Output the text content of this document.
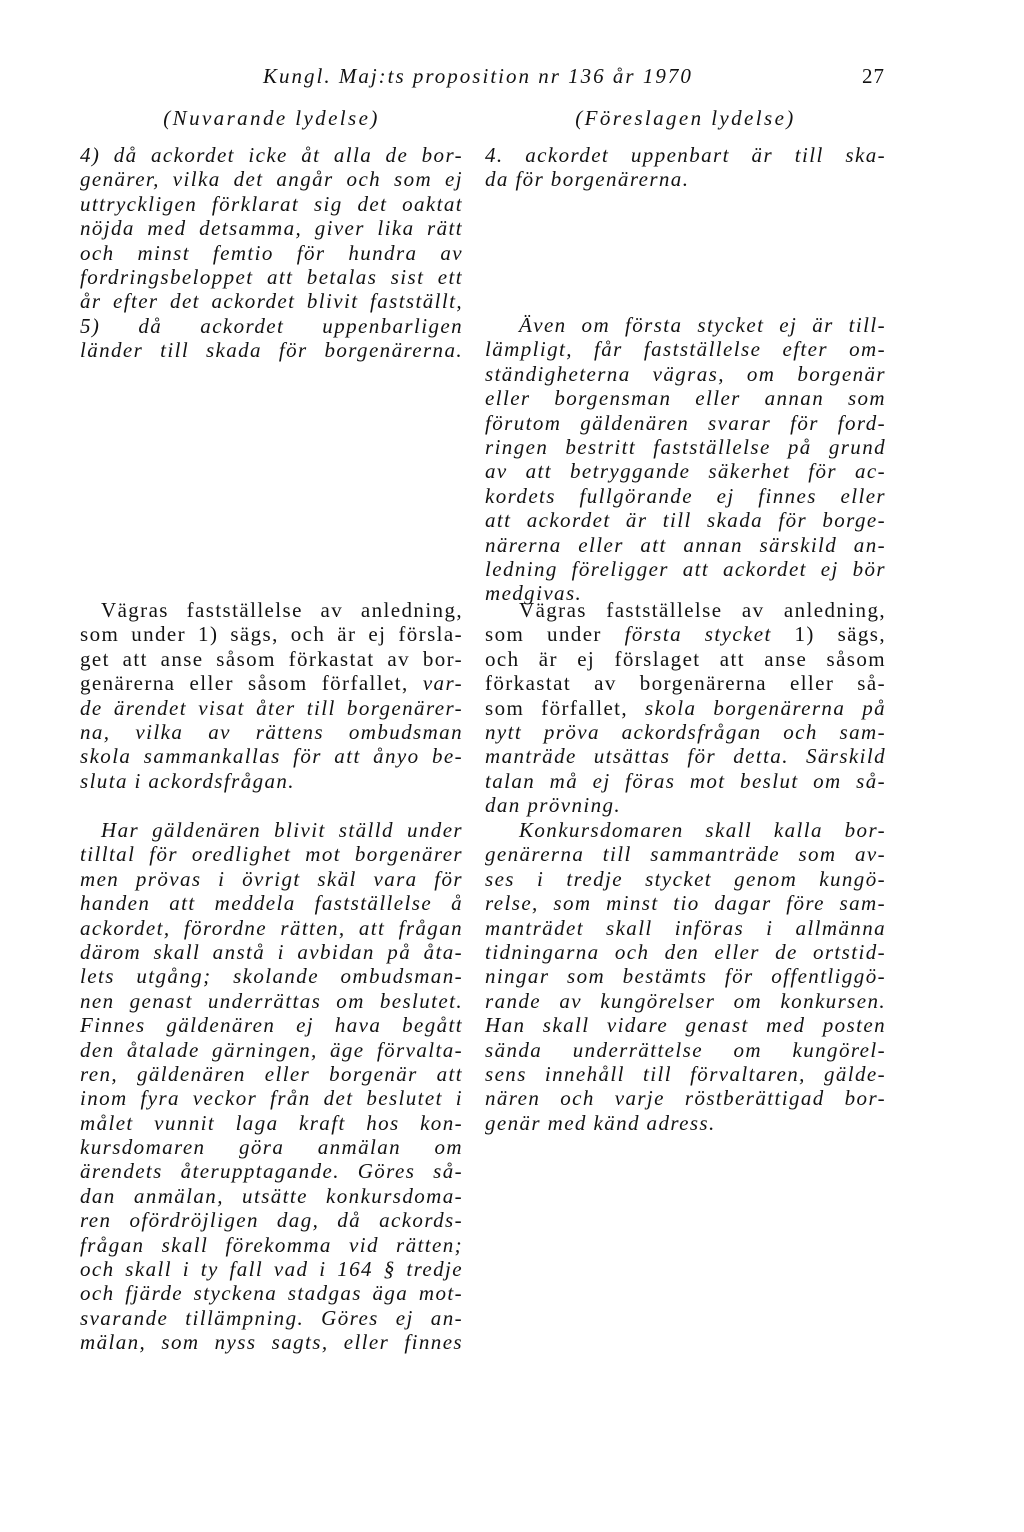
Kungl. Maj:ts proposition nr 136 år 1970	27
(Nuvarande lydelse)	(Föreslagen lydelse)
4) då ackordet icke åt alla de bor-
genärer, vilka det angår och som ej
uttryckligen förklarat sig det oaktat
nöjda med detsamma, giver lika rätt
och minst femtio för hundra av
fordringsbeloppet att betalas sist ett
år efter det ackordet blivit fastställt,
5) då ackordet uppenbarligen
länder till skada för borgenärerna.
Vägras fastställelse av anledning,
som under 1) sägs, och är ej försla-
get att anse såsom förkastat av bor-
genärerna eller såsom förfallet, var-
de ärendet visat åter till borgenärer-
na, vilka av rättens ombudsman
skola sammankallas för att ånyo be-
sluta i ackordsfrågan.
Har gäldenären blivit ställd under
tilltal för oredlighet mot borgenärer
men prövas i övrigt skäl vara för
handen att meddela fastställelse å
ackordet, förordne rätten, att frågan
därom skall anstå i avbidan på åta-
lets utgång; skolande ombudsman-
nen genast underrättas om beslutet.
Finnes gäldenären ej hava begått
den åtalade gärningen, äge förvalta-
ren, gäldenären eller borgenär att
inom fyra veckor från det beslutet i
målet vunnit laga kraft hos kon-
kursdomaren göra anmälan om
ärendets återupptagande. Göres så-
dan anmälan, utsätte konkursdoma-
ren ofördröjligen dag, då ackords-
frågan skall förekomma vid rätten;
och skall i ty fall vad i 164 § tredje
och fjärde styckena stadgas äga mot-
svarande tillämpning. Göres ej an-
mälan, som nyss sagts, eller finnes
4. ackordet uppenbart är till ska-
da för borgenärerna.
Även om första stycket ej är till-
lämpligt, får fastställelse efter om-
ständigheterna vägras, om borgenär
eller borgensman eller annan som
förutom gäldenären svarar för ford-
ringen bestritt fastställelse på grund
av att betryggande säkerhet för ac-
kordets fullgörande ej finnes eller
att ackordet är till skada för borge-
närerna eller att annan särskild an-
ledning föreligger att ackordet ej bör
medgivas.
Vägras fastställelse av anledning,
som under första stycket 1) sägs,
och är ej förslaget att anse såsom
förkastat av borgenärerna eller så-
som förfallet, skola borgenärerna på
nytt pröva ackordsfrågan och sam-
manträde utsättas för detta. Särskild
talan må ej föras mot beslut om så-
dan prövning.
Konkursdomaren skall kalla bor-
genärerna till sammanträde som av-
ses i tredje stycket genom kungö-
relse, som minst tio dagar före sam-
manträdet skall införas i allmänna
tidningarna och den eller de ortstid-
ningar som bestämts för offentliggö-
rande av kungörelser om konkursen.
Han skall vidare genast med posten
sända underrättelse om kungörel-
sens innehåll till förvaltaren, gälde-
nären och varje röstberättigad bor-
genär med känd adress.
